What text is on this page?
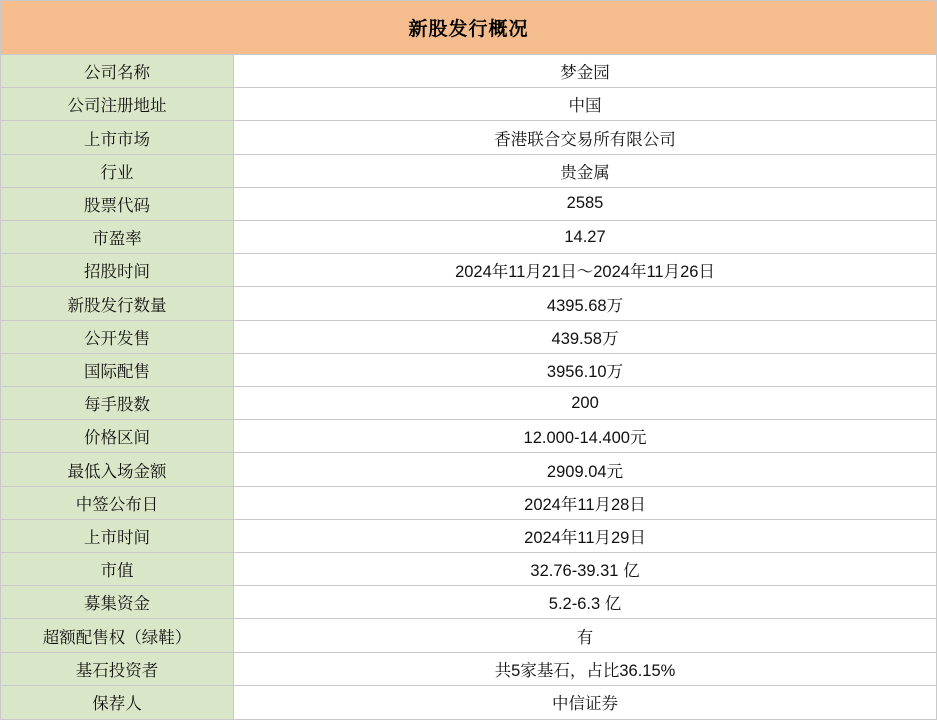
新股发行概况
公司名称	梦金园
公司注册地址	中国
上市市场	香港联合交易所有限公司
行业	贵金属
股票代码	2585
市盈率	14.27
招股时间	2024年11月21日～2024年11月26日
新股发行数量	4395.68万
公开发售	439.58万
国际配售	3956.10万
每手股数	200
价格区间	12.000-14.400元
最低入场金额	2909.04元
中签公布日	2024年11月28日
上市时间	2024年11月29日
市值	32.76-39.31 亿
募集资金	5.2-6.3 亿
超额配售权（绿鞋）	有
基石投资者	共5家基石，占比36.15%
保荐人	中信证券
